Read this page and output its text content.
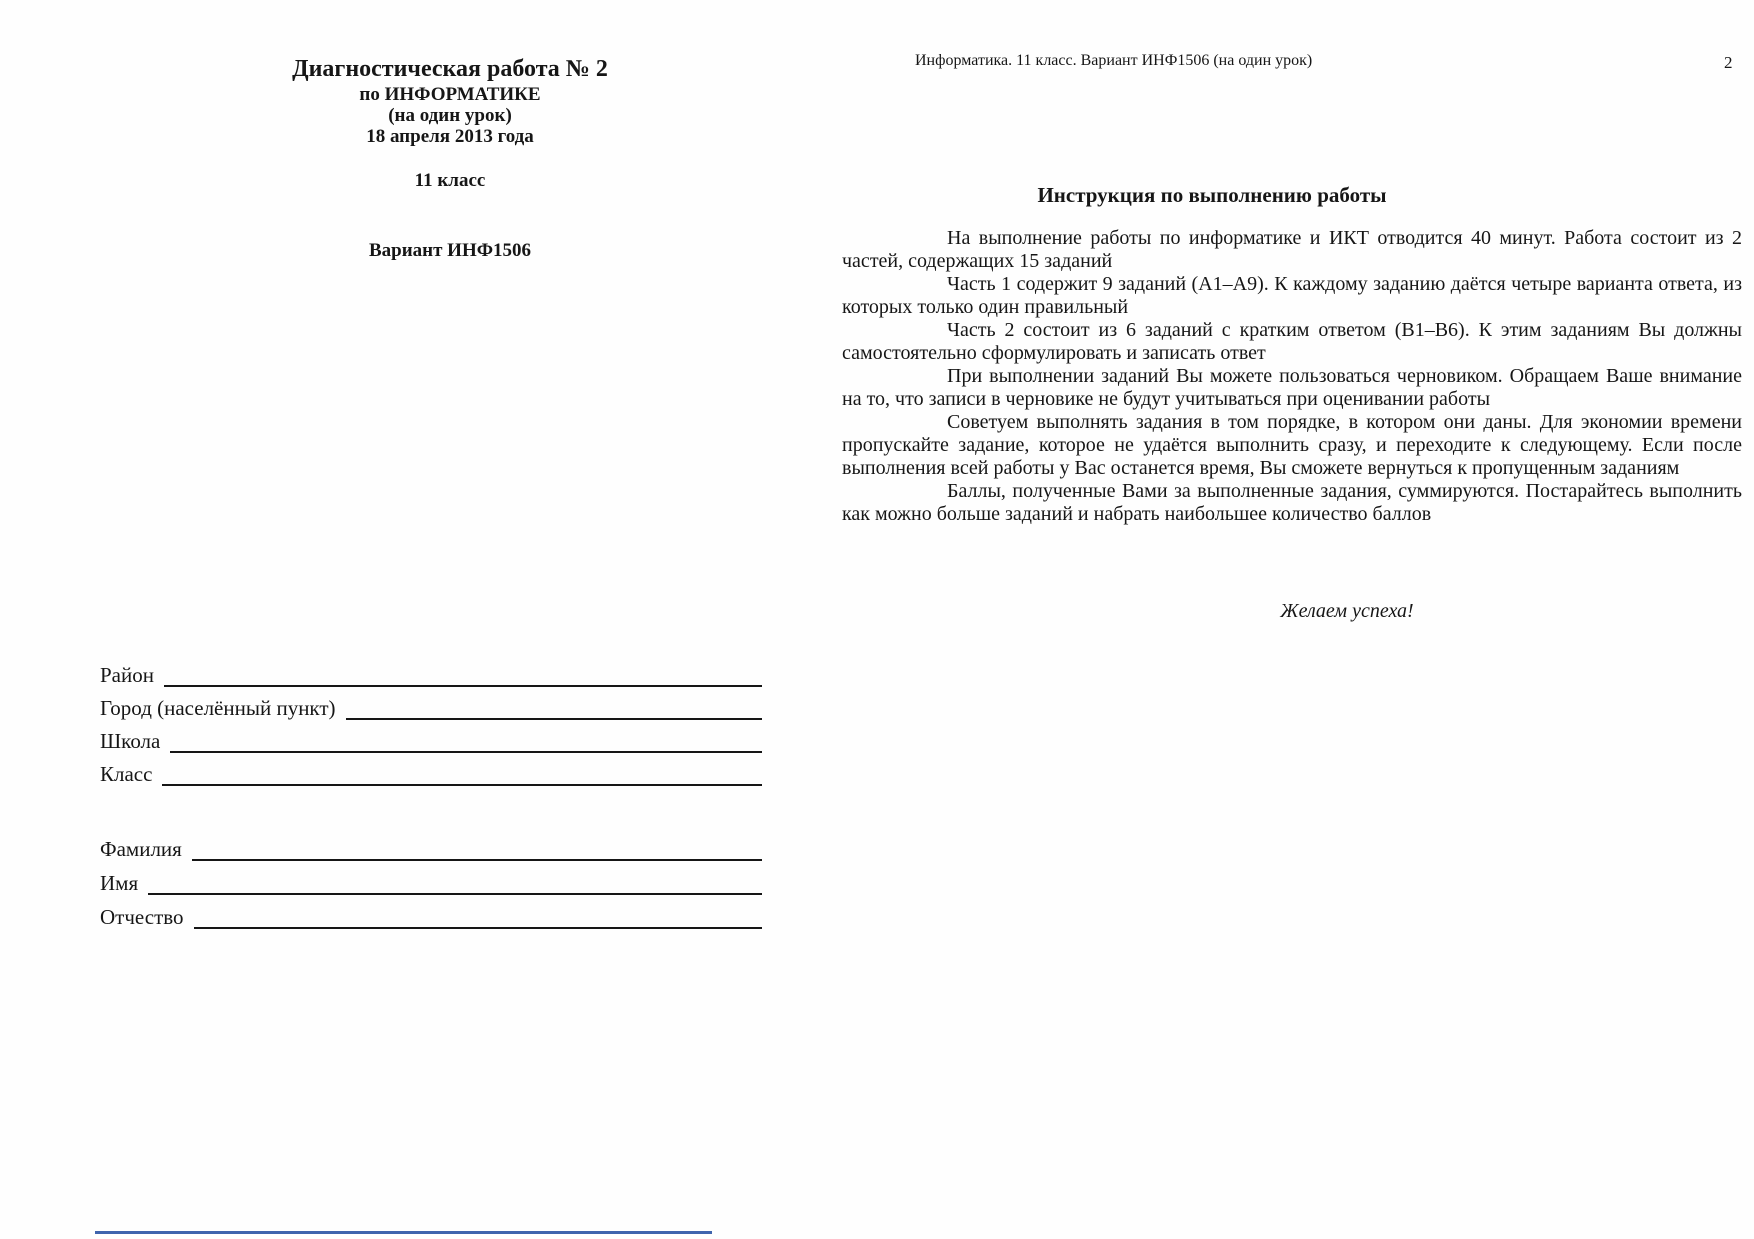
Диагностическая работа № 2
по ИНФОРМАТИКЕ
(на один урок)
18 апреля 2013 года
11 класс
Вариант ИНФ1506
Район
Город (населённый пункт)
Школа
Класс
Фамилия
Имя
Отчество
Информатика. 11 класс. Вариант ИНФ1506 (на один урок)	2
Инструкция по выполнению работы

На выполнение работы по информатике и ИКТ отводится 40 минут. Работа состоит из 2 частей, содержащих 15 заданий

Часть 1 содержит 9 заданий (А1–А9). К каждому заданию даётся четыре варианта ответа, из которых только один правильный

Часть 2 состоит из 6 заданий с кратким ответом (В1–В6). К этим заданиям Вы должны самостоятельно сформулировать и записать ответ

При выполнении заданий Вы можете пользоваться черновиком. Обращаем Ваше внимание на то, что записи в черновике не будут учитываться при оценивании работы

Советуем выполнять задания в том порядке, в котором они даны. Для экономии времени пропускайте задание, которое не удаётся выполнить сразу, и переходите к следующему. Если после выполнения всей работы у Вас останется время, Вы сможете вернуться к пропущенным заданиям

Баллы, полученные Вами за выполненные задания, суммируются. Постарайтесь выполнить как можно больше заданий и набрать наибольшее количество баллов

Желаем успеха!
